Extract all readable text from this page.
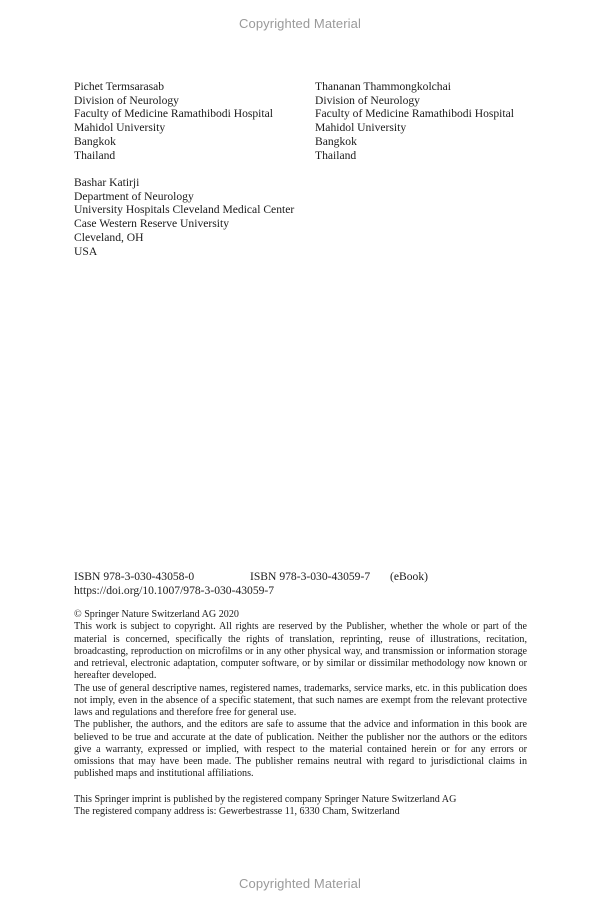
Copyrighted Material
Pichet Termsarasab
Division of Neurology
Faculty of Medicine Ramathibodi Hospital
Mahidol University
Bangkok
Thailand
Thananan Thammongkolchai
Division of Neurology
Faculty of Medicine Ramathibodi Hospital
Mahidol University
Bangkok
Thailand
Bashar Katirji
Department of Neurology
University Hospitals Cleveland Medical Center
Case Western Reserve University
Cleveland, OH
USA
ISBN 978-3-030-43058-0	ISBN 978-3-030-43059-7 (eBook)
https://doi.org/10.1007/978-3-030-43059-7

© Springer Nature Switzerland AG 2020

This work is subject to copyright. All rights are reserved by the Publisher, whether the whole or part of the material is concerned, specifically the rights of translation, reprinting, reuse of illustrations, recitation, broadcasting, reproduction on microfilms or in any other physical way, and transmission or information storage and retrieval, electronic adaptation, computer software, or by similar or dissimilar methodology now known or hereafter developed.

The use of general descriptive names, registered names, trademarks, service marks, etc. in this publication does not imply, even in the absence of a specific statement, that such names are exempt from the relevant protective laws and regulations and therefore free for general use.

The publisher, the authors, and the editors are safe to assume that the advice and information in this book are believed to be true and accurate at the date of publication. Neither the publisher nor the authors or the editors give a warranty, expressed or implied, with respect to the material contained herein or for any errors or omissions that may have been made. The publisher remains neutral with regard to jurisdictional claims in published maps and institutional affiliations.

This Springer imprint is published by the registered company Springer Nature Switzerland AG

The registered company address is: Gewerbestrasse 11, 6330 Cham, Switzerland

Copyrighted Material
